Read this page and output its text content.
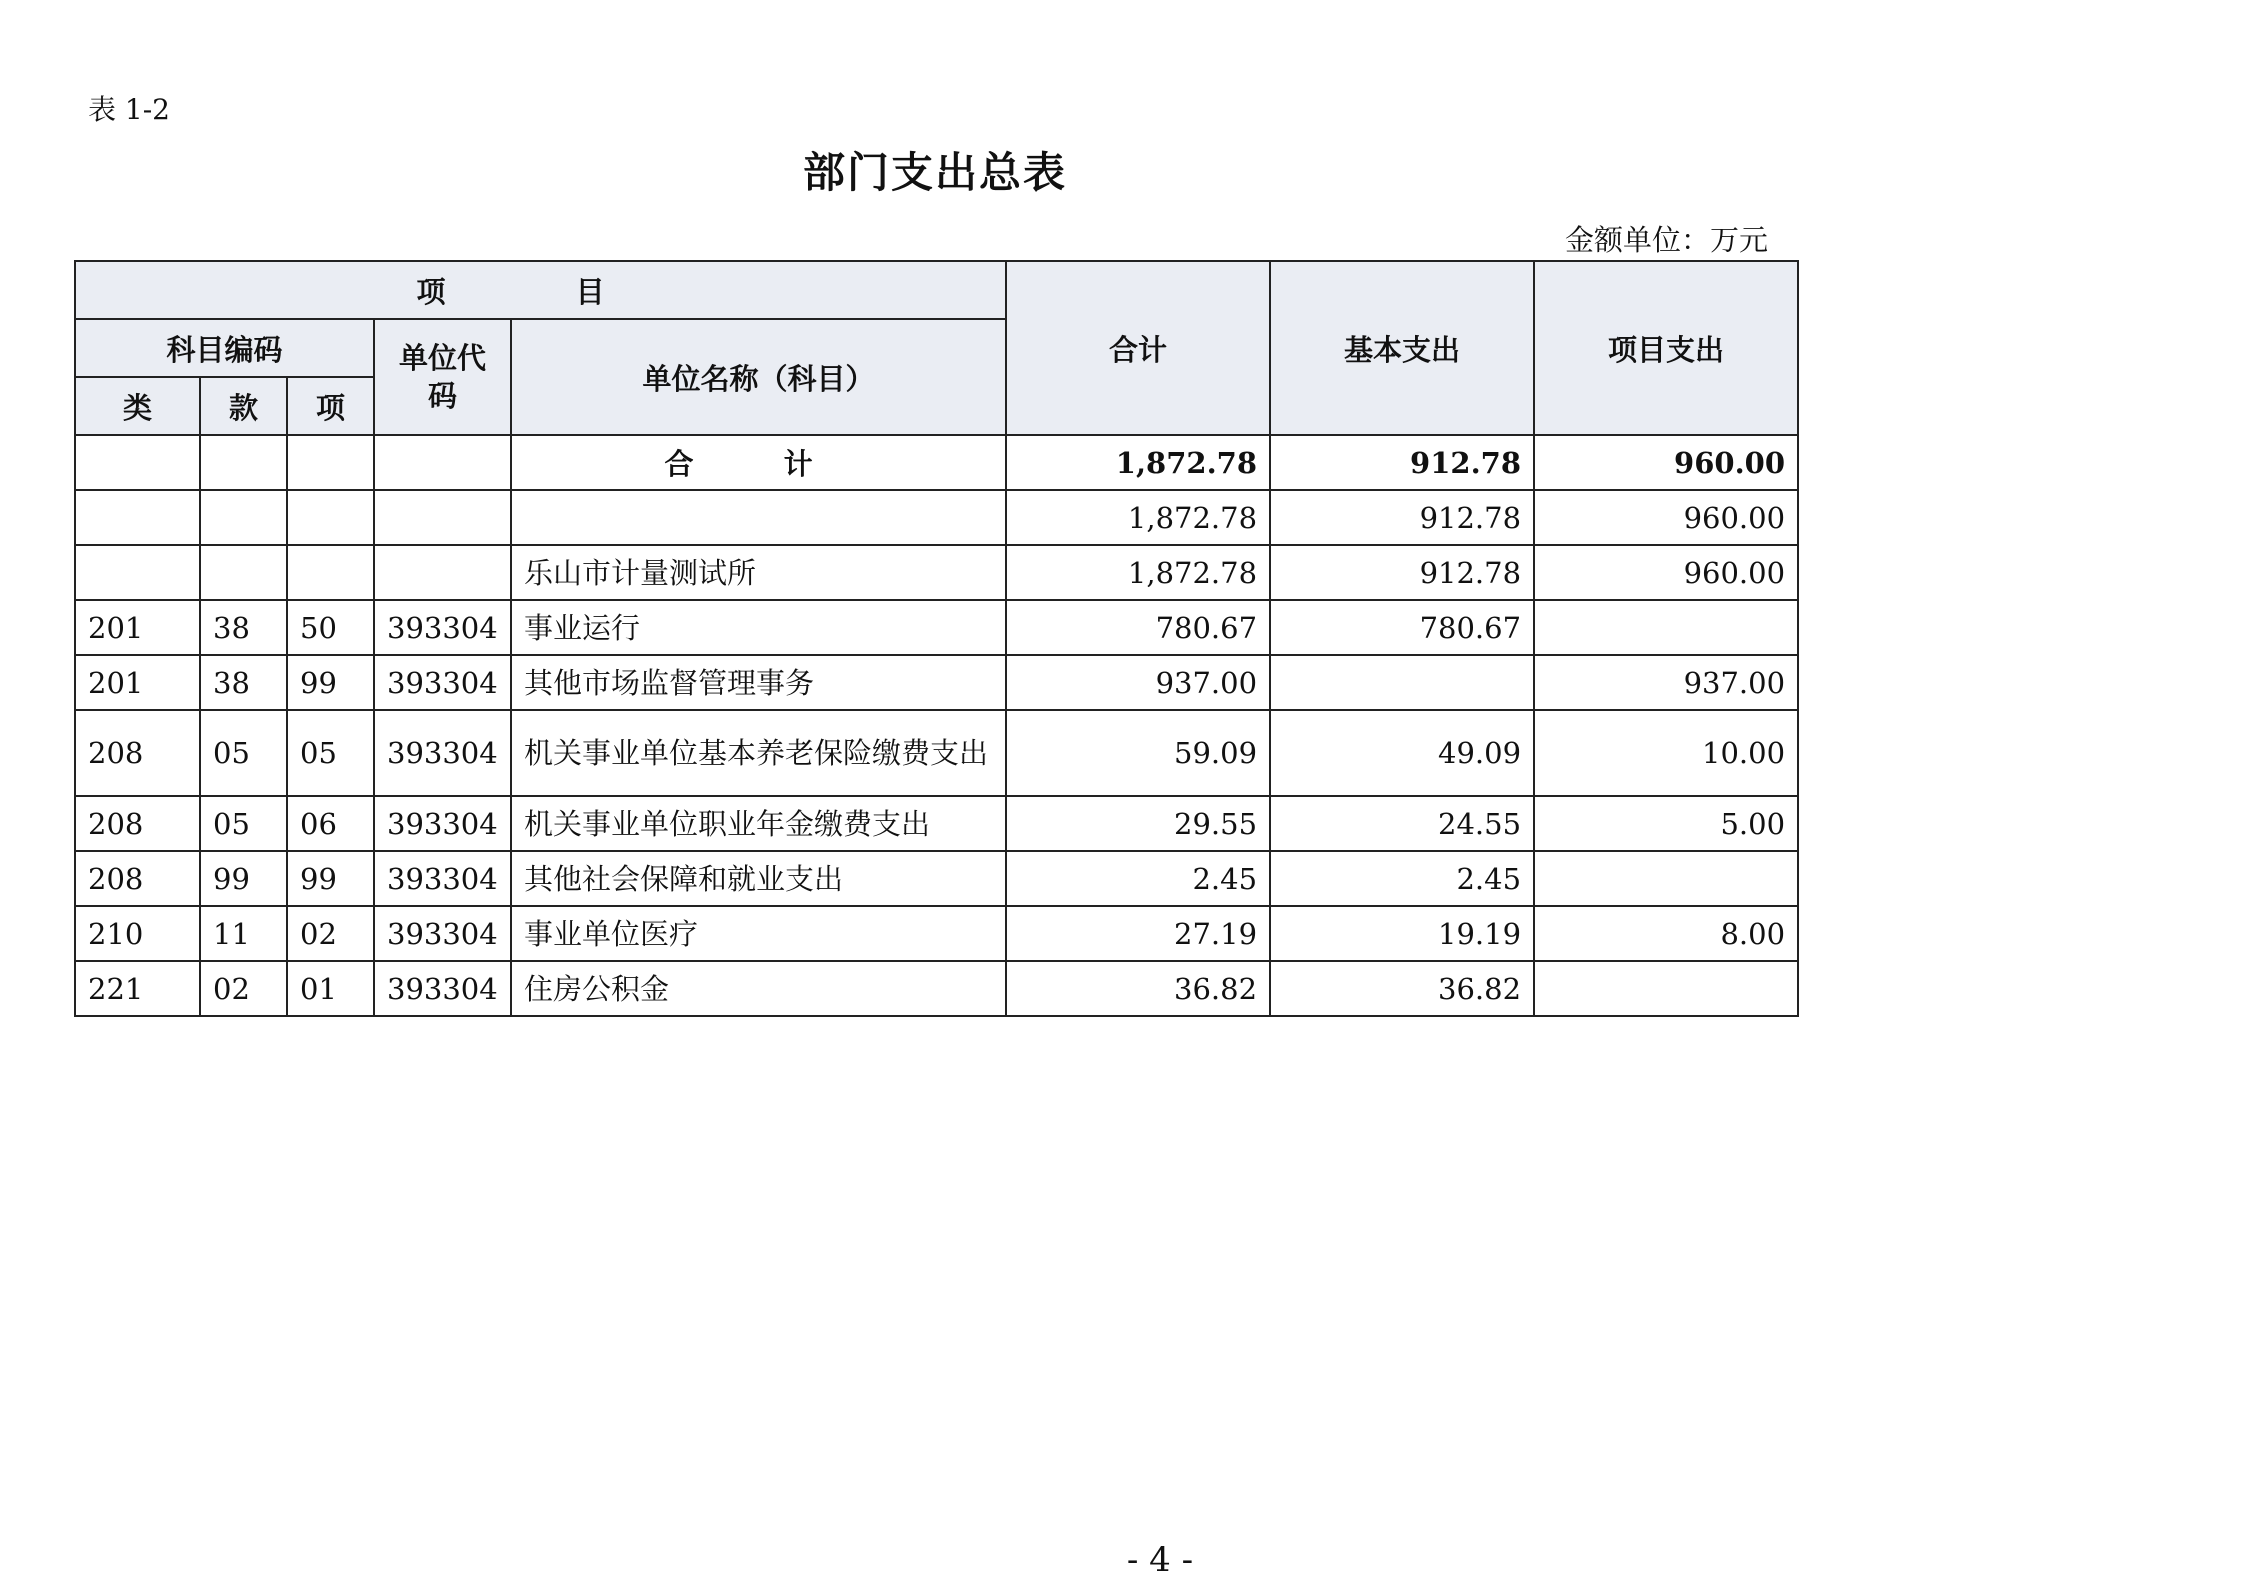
表 1-2
部门支出总表
金额单位：万元
项 目					合计	基本支出	项目支出
科目编码			单位代码	单位名称（科目）			
类	款	项					
				合 计	1,872.78	912.78	960.00
					1,872.78	912.78	960.00
				乐山市计量测试所	1,872.78	912.78	960.00
201	38	50	393304	事业运行	780.67	780.67	
201	38	99	393304	其他市场监督管理事务	937.00		937.00
208	05	05	393304	机关事业单位基本养老保险缴费支出	59.09	49.09	10.00
208	05	06	393304	机关事业单位职业年金缴费支出	29.55	24.55	5.00
208	99	99	393304	其他社会保障和就业支出	2.45	2.45	
210	11	02	393304	事业单位医疗	27.19	19.19	8.00
221	02	01	393304	住房公积金	36.82	36.82	
- 4 -
